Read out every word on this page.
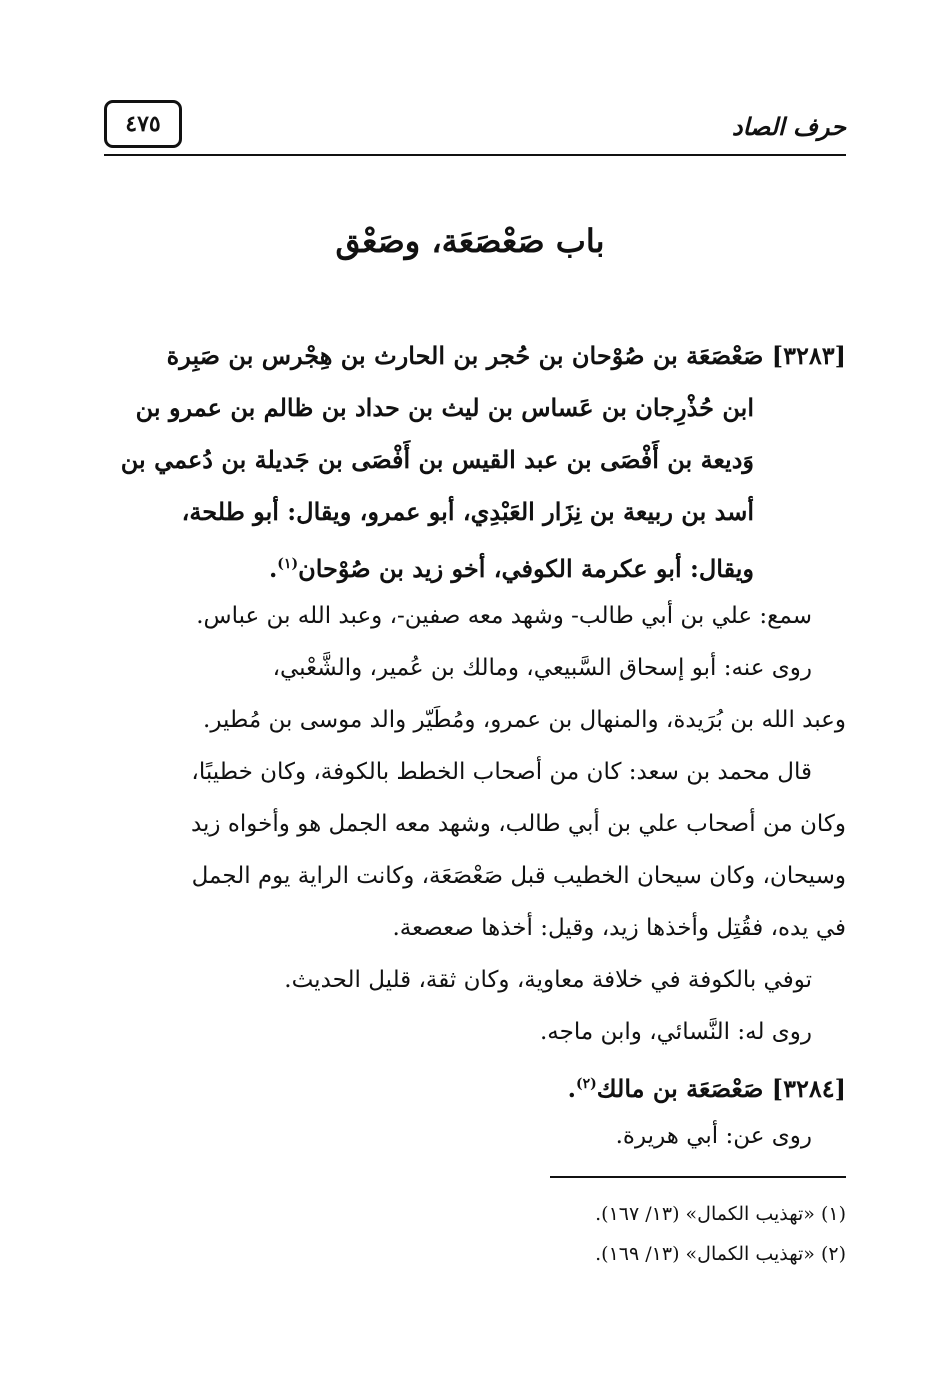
٤٧٥	حرف الصاد
باب صَعْصَعَة، وصَعْق
[٣٢٨٣] صَعْصَعَة بن صُوْحان بن حُجر بن الحارث بن هِجْرس بن صَبِرة
ابن حُذْرِجان بن عَساس بن ليث بن حداد بن ظالم بن عمرو بن
وَديعة بن أَفْصَى بن عبد القيس بن أَفْصَى بن جَديلة بن دُعمي بن
أسد بن ربيعة بن نِزَار العَبْدِي، أبو عمرو، ويقال: أبو طلحة،
ويقال: أبو عكرمة الكوفي، أخو زيد بن صُوْحان$^{(١)}$.
سمع: علي بن أبي طالب- وشهد معه صفين-، وعبد الله بن عباس.
روى عنه: أبو إسحاق السَّبيعي، ومالك بن عُمير، والشَّعْبي،
وعبد الله بن بُرَيدة، والمنهال بن عمرو، ومُطَيّر والد موسى بن مُطير.
قال محمد بن سعد: كان من أصحاب الخطط بالكوفة، وكان خطيبًا،
وكان من أصحاب علي بن أبي طالب، وشهد معه الجمل هو وأخواه زيد
وسيحان، وكان سيحان الخطيب قبل صَعْصَعَة، وكانت الراية يوم الجمل
في يده، فقُتِل وأخذها زيد، وقيل: أخذها صعصعة.
توفي بالكوفة في خلافة معاوية، وكان ثقة، قليل الحديث.
روى له: النَّسائي، وابن ماجه.
[٣٢٨٤] صَعْصَعَة بن مالك$^{(٢)}$.
روى عن: أبي هريرة.
(١) «تهذيب الكمال» (١٣/ ١٦٧).
(٢) «تهذيب الكمال» (١٣/ ١٦٩).
